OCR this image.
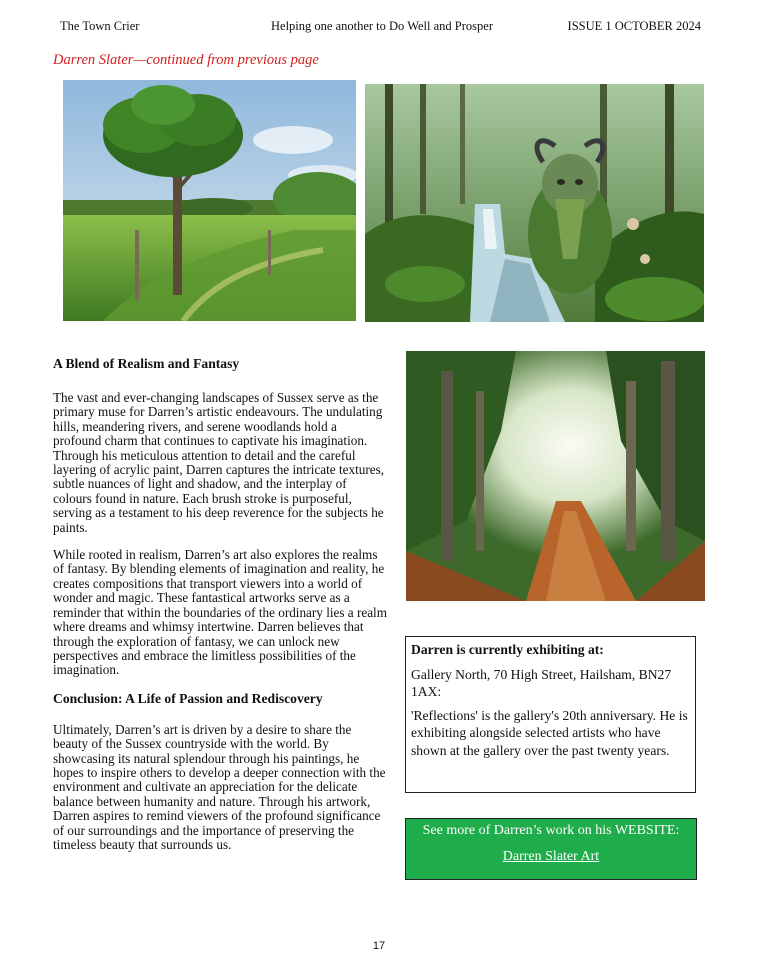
The Town Crier	Helping one another to Do Well and Prosper	ISSUE 1 OCTOBER 2024
Darren Slater—continued from previous page
A Blend of Realism and Fantasy

The vast and ever-changing landscapes of Sussex serve as the primary muse for Darren’s artistic endeavours. The undulating hills, meandering rivers, and serene woodlands hold a profound charm that continues to captivate his imagination. Through his meticulous attention to detail and the careful layering of acrylic paint, Darren captures the intricate textures, subtle nuances of light and shadow, and the interplay of colours found in nature. Each brush stroke is purposeful, serving as a testament to his deep reverence for the subjects he paints.

While rooted in realism, Darren’s art also explores the realms of fantasy. By blending elements of imagination and reality, he creates compositions that transport viewers into a world of wonder and magic. These fantastical artworks serve as a reminder that within the boundaries of the ordinary lies a realm where dreams and whimsy intertwine. Darren believes that through the exploration of fantasy, we can unlock new perspectives and embrace the limitless possibilities of the imagination.

Conclusion: A Life of Passion and Rediscovery

Ultimately, Darren’s art is driven by a desire to share the beauty of the Sussex countryside with the world. By showcasing its natural splendour through his paintings, he hopes to inspire others to develop a deeper connection with the environment and cultivate an appreciation for the delicate balance between humanity and nature. Through his artwork, Darren aspires to remind viewers of the profound significance of our surroundings and the importance of preserving the timeless beauty that surrounds us.

Darren is currently exhibiting at:
Gallery North, 70 High Street, Hailsham, BN27 1AX:
'Reflections' is the gallery's 20th anniversary. He is exhibiting alongside selected artists who have shown at the gallery over the past twenty years.
See more of Darren’s work on his WEBSITE:
Darren Slater Art
17
